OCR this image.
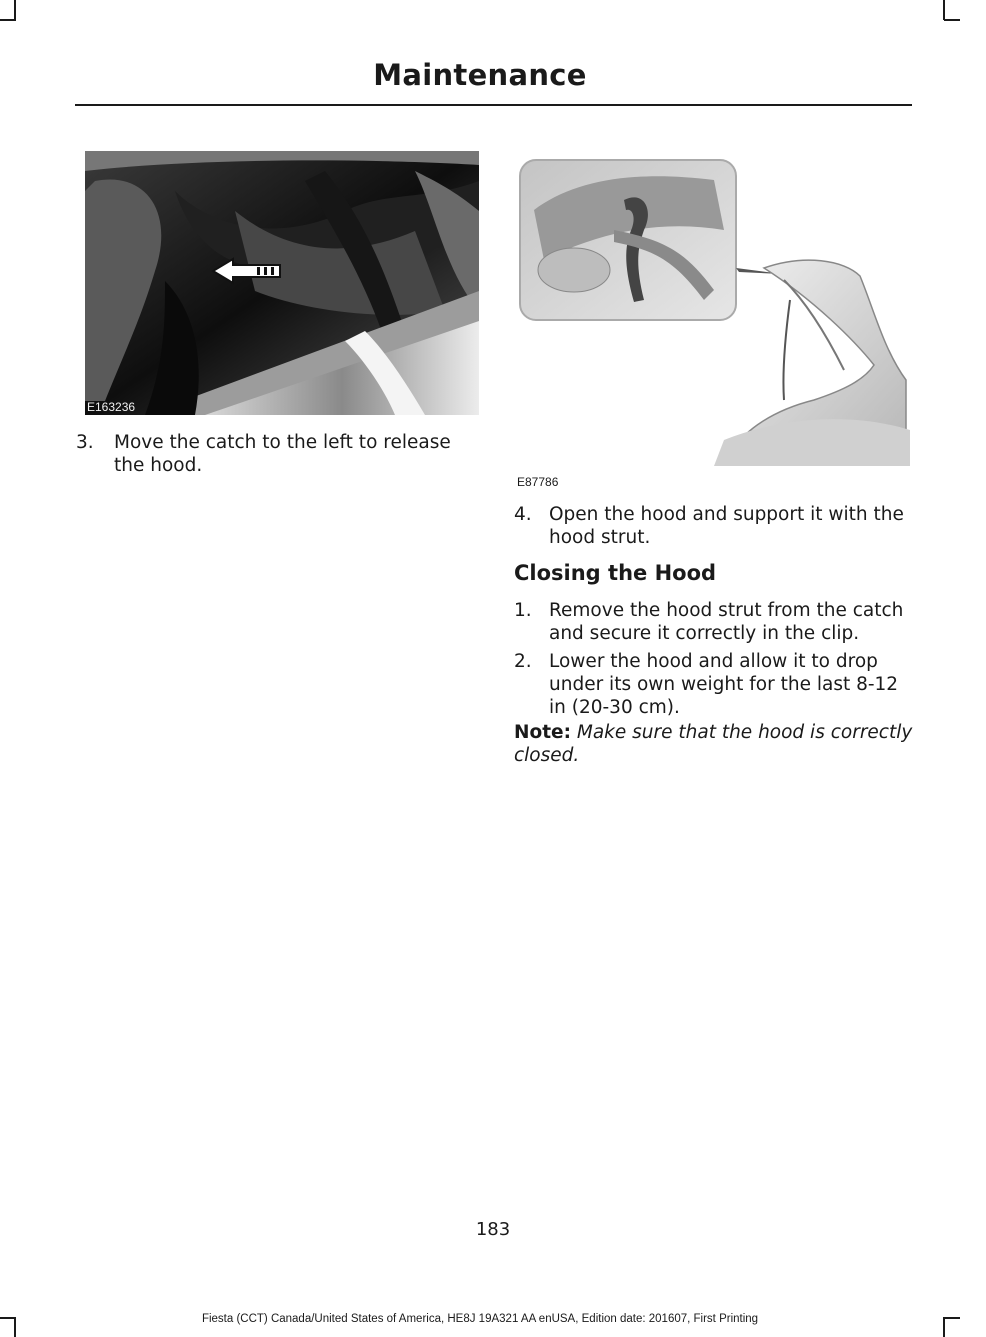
Maintenance
E163236
E87786
3. Move the catch to the left to release
the hood.
4. Open the hood and support it with the
hood strut.
Closing the Hood
1. Remove the hood strut from the catch
and secure it correctly in the clip.
2. Lower the hood and allow it to drop
under its own weight for the last 8-12
in (20-30 cm).
Note: Make sure that the hood is correctly
closed.
183
Fiesta (CCT) Canada/United States of America, HE8J 19A321 AA enUSA, Edition date: 201607, First Printing
